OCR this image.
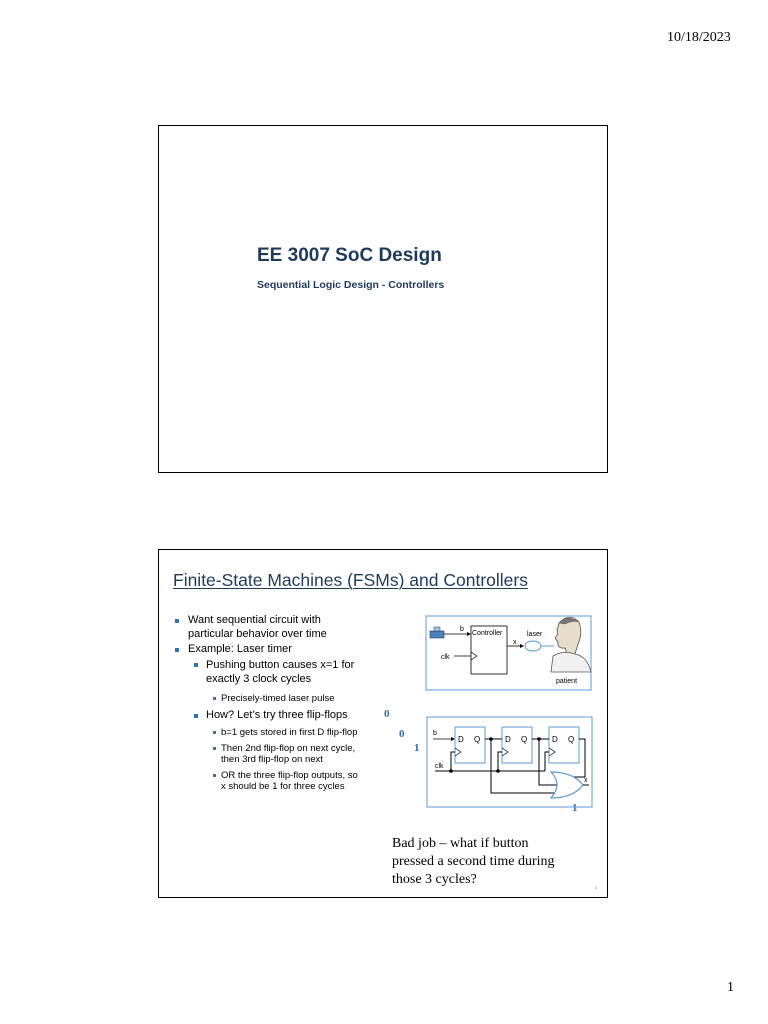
10/18/2023
EE 3007 SoC Design
Sequential Logic Design - Controllers
Finite-State Machines (FSMs) and Controllers
Want sequential circuit with
particular behavior over time
Example: Laser timer
Pushing button causes x=1 for
exactly 3 clock cycles
Precisely-timed laser pulse
How? Let’s try three flip-flops
b=1 gets stored in first D flip-flop
Then 2nd flip-flop on next cycle,
then 3rd flip-flop on next
OR the three flip-flop outputs, so
x should be 1 for three cycles
0
0
1
1
b
Controller
clk
x
laser
patient
b
D Q	D Q	D Q
clk
x
Bad job – what if button
pressed a second time during
those 3 cycles?
2
1
